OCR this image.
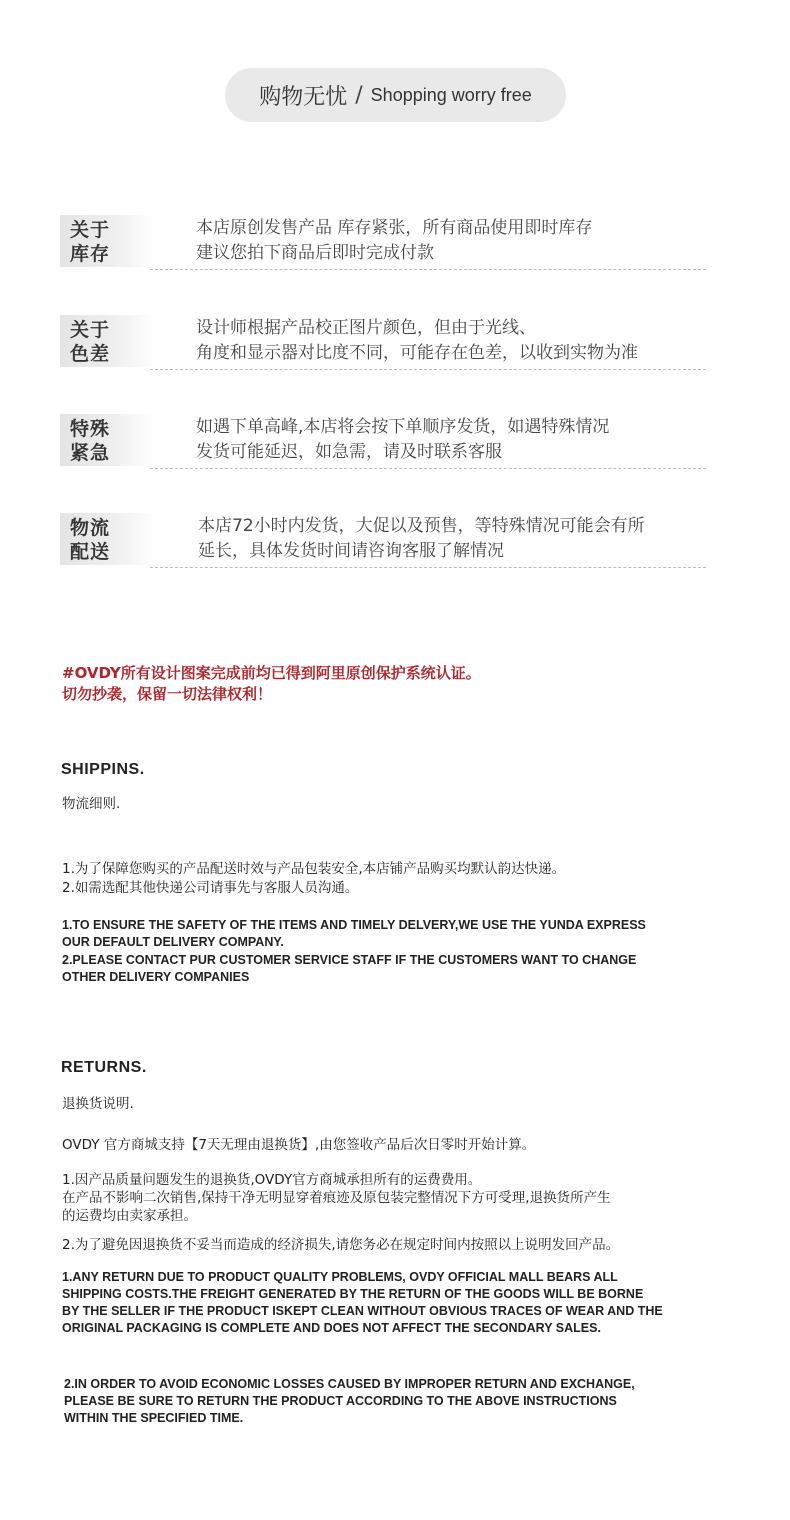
购物无忧 / Shopping worry free
关于
库存
本店原创发售产品 库存紧张，所有商品使用即时库存
建议您拍下商品后即时完成付款
关于
色差
设计师根据产品校正图片颜色，但由于光线、
角度和显示器对比度不同，可能存在色差，以收到实物为准
特殊
紧急
如遇下单高峰,本店将会按下单顺序发货，如遇特殊情况
发货可能延迟，如急需，请及时联系客服
物流
配送
本店72小时内发货，大促以及预售，等特殊情况可能会有所
延长，具体发货时间请咨询客服了解情况
#OVDY所有设计图案完成前均已得到阿里原创保护系统认证。
切勿抄袭，保留一切法律权利！
SHIPPINS.
物流细则.
1.为了保障您购买的产品配送时效与产品包装安全,本店铺产品购买均默认韵达快递。
2.如需选配其他快递公司请事先与客服人员沟通。
1.TO ENSURE THE SAFETY OF THE ITEMS AND TIMELY DELVERY,WE USE THE YUNDA EXPRESS
OUR DEFAULT DELIVERY COMPANY.
2.PLEASE CONTACT PUR CUSTOMER SERVICE STAFF IF THE CUSTOMERS WANT TO CHANGE
OTHER DELIVERY COMPANIES
RETURNS.
退换货说明.
OVDY 官方商城支持【7天无理由退换货】,由您签收产品后次日零时开始计算。
1.因产品质量问题发生的退换货,OVDY官方商城承担所有的运费费用。
在产品不影响二次销售,保持干净无明显穿着痕迹及原包装完整情况下方可受理,退换货所产生
的运费均由卖家承担。
2.为了避免因退换货不妥当而造成的经济损失,请您务必在规定时间内按照以上说明发回产品。
1.ANY RETURN DUE TO PRODUCT QUALITY PROBLEMS, OVDY OFFICIAL MALL BEARS ALL
SHIPPING COSTS.THE FREIGHT GENERATED BY THE RETURN OF THE GOODS WILL BE BORNE
BY THE SELLER IF THE PRODUCT ISKEPT CLEAN WITHOUT OBVIOUS TRACES OF WEAR AND THE
ORIGINAL PACKAGING IS COMPLETE AND DOES NOT AFFECT THE SECONDARY SALES.
2.IN ORDER TO AVOID ECONOMIC LOSSES CAUSED BY IMPROPER RETURN AND EXCHANGE,
PLEASE BE SURE TO RETURN THE PRODUCT ACCORDING TO THE ABOVE INSTRUCTIONS
WITHIN THE SPECIFIED TIME.
